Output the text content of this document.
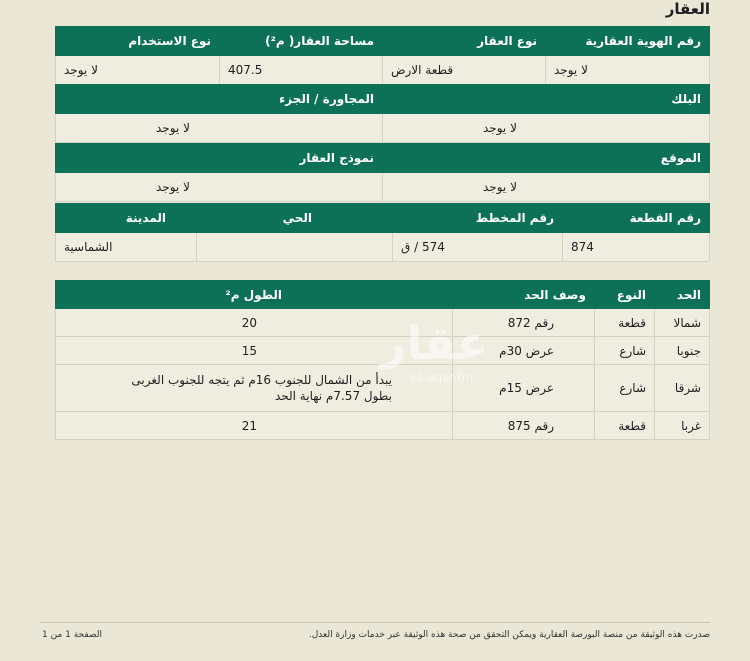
العقار
رقم الهوية العقارية	نوع العقار	مساحة العقار( م²)	نوع الاستخدام
لا يوجد	قطعة الارض	407.5	لا يوجد
البلك	المجاورة / الجزء
لا يوجد	لا يوجد
الموقع	نموذج العقار
لا يوجد	لا يوجد
رقم القطعة	رقم المخطط	الحي	المدينة
874	574 / ق		الشماسية
الحد	النوع	وصف الحد	الطول م²
شمالا	قطعة	رقم 872	20
جنوبا	شارع	عرض 30م	15
شرقا	شارع	عرض 15م	يبدأ من الشمال للجنوب 16م ثم يتجه للجنوب الغربى بطول 7.57م نهاية الحد
غربا	قطعة	رقم 875	21
عقار
sa.aqar.fm
صدرت هذه الوثيقة من منصة البورصة العقارية ويمكن التحقق من صحة هذه الوثيقة عبر خدمات وزارة العدل.
الصفحة 1 من 1
